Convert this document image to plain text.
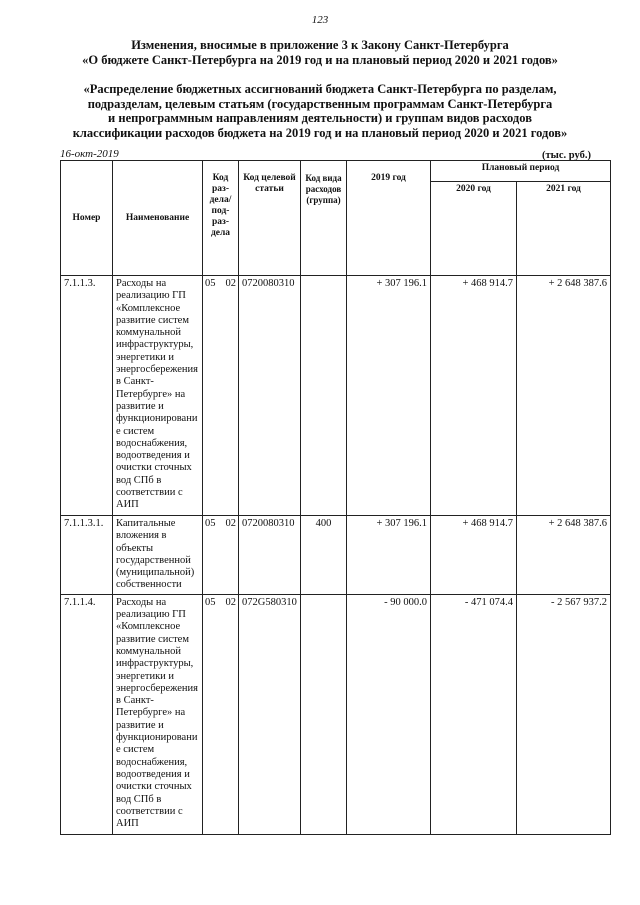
123
Изменения, вносимые в приложение 3 к Закону Санкт-Петербурга
«О бюджете Санкт-Петербурга на 2019 год и на плановый период 2020 и 2021 годов»
«Распределение бюджетных ассигнований бюджета Санкт-Петербурга по разделам,
подразделам, целевым статьям (государственным программам Санкт-Петербурга
и непрограммным направлениям деятельности) и группам видов расходов
классификации расходов бюджета на 2019 год и на плановый период 2020 и 2021 годов»
16-окт-2019	(тыс. руб.)
Номер	Наименование	Код раз-дела/ под-раз-дела	Код целевой статьи	Код вида расходов (группа)	2019 год	Плановый период	
						2020 год	2021 год
7.1.1.3.	Расходы на реализацию ГП «Комплексное развитие систем коммунальной инфраструктуры, энергетики и энергосбережения в Санкт-Петербурге» на развитие и функционировани е систем водоснабжения, водоотведения и очистки сточных вод СПб в соответствии с АИП	05 02	0720080310		+ 307 196.1	+ 468 914.7	+ 2 648 387.6
7.1.1.3.1.	Капитальные вложения в объекты государственной (муниципальной) собственности	05 02	0720080310	400	+ 307 196.1	+ 468 914.7	+ 2 648 387.6
7.1.1.4.	Расходы на реализацию ГП «Комплексное развитие систем коммунальной инфраструктуры, энергетики и энергосбережения в Санкт-Петербурге» на развитие и функционировани е систем водоснабжения, водоотведения и очистки сточных вод СПб в соответствии с АИП	05 02	072G580310		- 90 000.0	- 471 074.4	- 2 567 937.2
